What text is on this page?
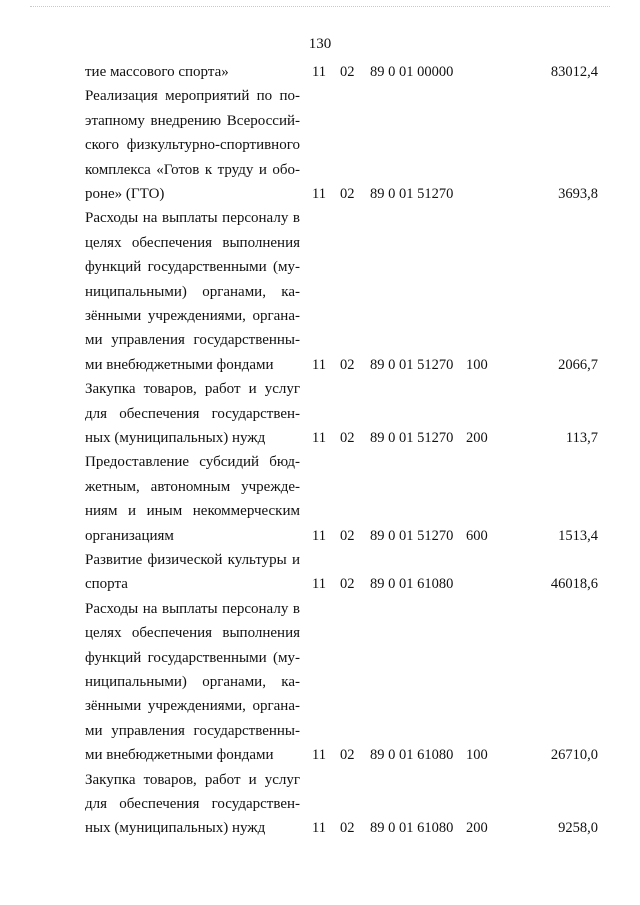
130
тие массового спорта»	11 02 89 0 01 00000	83012,4
Реализация мероприятий по по-
этапному внедрению Всероссий-
ского физкультурно-спортивного
комплекса «Готов к труду и обо-
роне» (ГТО)	11 02 89 0 01 51270	3693,8
Расходы на выплаты персоналу в
целях обеспечения выполнения
функций государственными (му-
ниципальными) органами, ка-
зёнными учреждениями, органа-
ми управления государственны-
ми внебюджетными фондами	11 02 89 0 01 51270 100	2066,7
Закупка товаров, работ и услуг
для обеспечения государствен-
ных (муниципальных) нужд	11 02 89 0 01 51270 200	113,7
Предоставление субсидий бюд-
жетным, автономным учрежде-
ниям и иным некоммерческим
организациям	11 02 89 0 01 51270 600	1513,4
Развитие физической культуры и
спорта	11 02 89 0 01 61080	46018,6
Расходы на выплаты персоналу в
целях обеспечения выполнения
функций государственными (му-
ниципальными) органами, ка-
зёнными учреждениями, органа-
ми управления государственны-
ми внебюджетными фондами	11 02 89 0 01 61080 100	26710,0
Закупка товаров, работ и услуг
для обеспечения государствен-
ных (муниципальных) нужд	11 02 89 0 01 61080 200	9258,0
